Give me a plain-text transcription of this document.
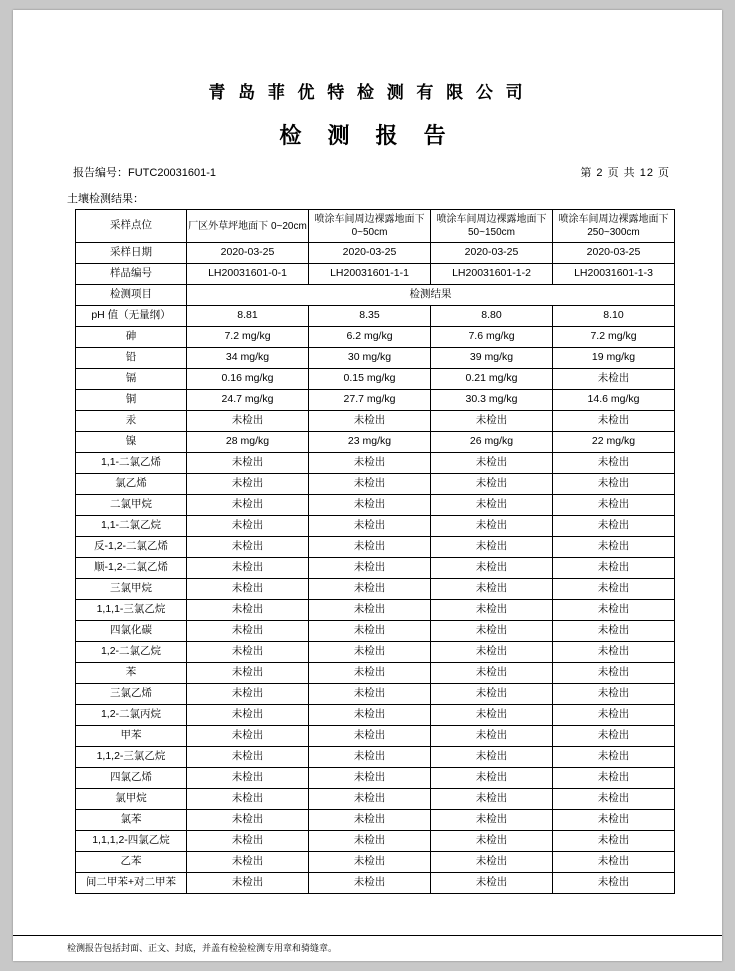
青 岛 菲 优 特 检 测 有 限 公 司
检 测 报 告
报告编号：FUTC20031601-1	第 2 页 共 12 页
土壤检测结果：
采样点位	厂区外草坪地面下 0~20cm	喷涂车间周边裸露地面下 0~50cm	喷涂车间周边裸露地面下 50~150cm	喷涂车间周边裸露地面下 250~300cm
采样日期	2020-03-25	2020-03-25	2020-03-25	2020-03-25
样品编号	LH20031601-0-1	LH20031601-1-1	LH20031601-1-2	LH20031601-1-3
检测项目	检测结果			
pH 值（无量纲）	8.81	8.35	8.80	8.10
砷	7.2 mg/kg	6.2 mg/kg	7.6 mg/kg	7.2 mg/kg
铅	34 mg/kg	30 mg/kg	39 mg/kg	19 mg/kg
镉	0.16 mg/kg	0.15 mg/kg	0.21 mg/kg	未检出
铜	24.7 mg/kg	27.7 mg/kg	30.3 mg/kg	14.6 mg/kg
汞	未检出	未检出	未检出	未检出
镍	28 mg/kg	23 mg/kg	26 mg/kg	22 mg/kg
1,1-二氯乙烯	未检出	未检出	未检出	未检出
氯乙烯	未检出	未检出	未检出	未检出
二氯甲烷	未检出	未检出	未检出	未检出
1,1-二氯乙烷	未检出	未检出	未检出	未检出
反-1,2-二氯乙烯	未检出	未检出	未检出	未检出
顺-1,2-二氯乙烯	未检出	未检出	未检出	未检出
三氯甲烷	未检出	未检出	未检出	未检出
1,1,1-三氯乙烷	未检出	未检出	未检出	未检出
四氯化碳	未检出	未检出	未检出	未检出
1,2-二氯乙烷	未检出	未检出	未检出	未检出
苯	未检出	未检出	未检出	未检出
三氯乙烯	未检出	未检出	未检出	未检出
1,2-二氯丙烷	未检出	未检出	未检出	未检出
甲苯	未检出	未检出	未检出	未检出
1,1,2-三氯乙烷	未检出	未检出	未检出	未检出
四氯乙烯	未检出	未检出	未检出	未检出
氯甲烷	未检出	未检出	未检出	未检出
氯苯	未检出	未检出	未检出	未检出
1,1,1,2-四氯乙烷	未检出	未检出	未检出	未检出
乙苯	未检出	未检出	未检出	未检出
间二甲苯+对二甲苯	未检出	未检出	未检出	未检出
检测报告包括封面、正文、封底，并盖有检验检测专用章和骑缝章。
